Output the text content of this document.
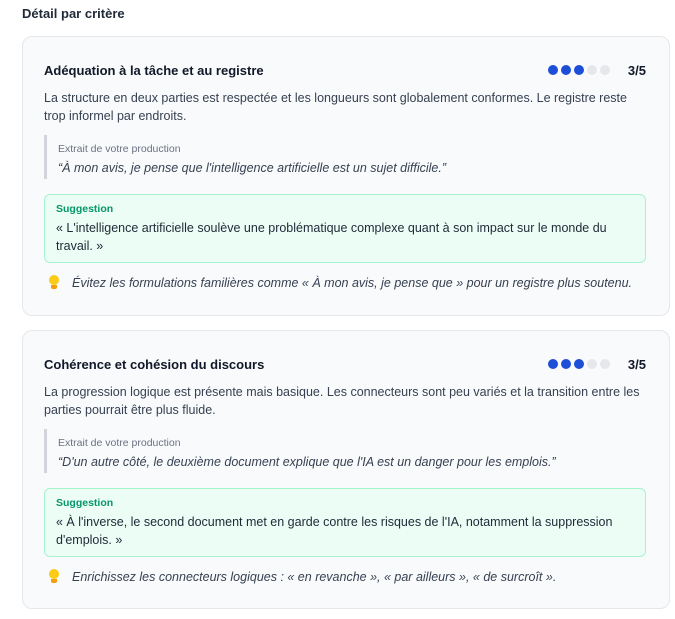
Détail par critère
Adéquation à la tâche et au registre	3/5
La structure en deux parties est respectée et les longueurs sont globalement conformes. Le registre reste trop informel par endroits.
Extrait de votre production
“À mon avis, je pense que l'intelligence artificielle est un sujet difficile.”
Suggestion
« L'intelligence artificielle soulève une problématique complexe quant à son impact sur le monde du travail. »
Évitez les formulations familières comme « À mon avis, je pense que » pour un registre plus soutenu.
Cohérence et cohésion du discours	3/5
La progression logique est présente mais basique. Les connecteurs sont peu variés et la transition entre les parties pourrait être plus fluide.
Extrait de votre production
“D'un autre côté, le deuxième document explique que l'IA est un danger pour les emplois.”
Suggestion
« À l'inverse, le second document met en garde contre les risques de l'IA, notamment la suppression d'emplois. »
Enrichissez les connecteurs logiques : « en revanche », « par ailleurs », « de surcroît ».
